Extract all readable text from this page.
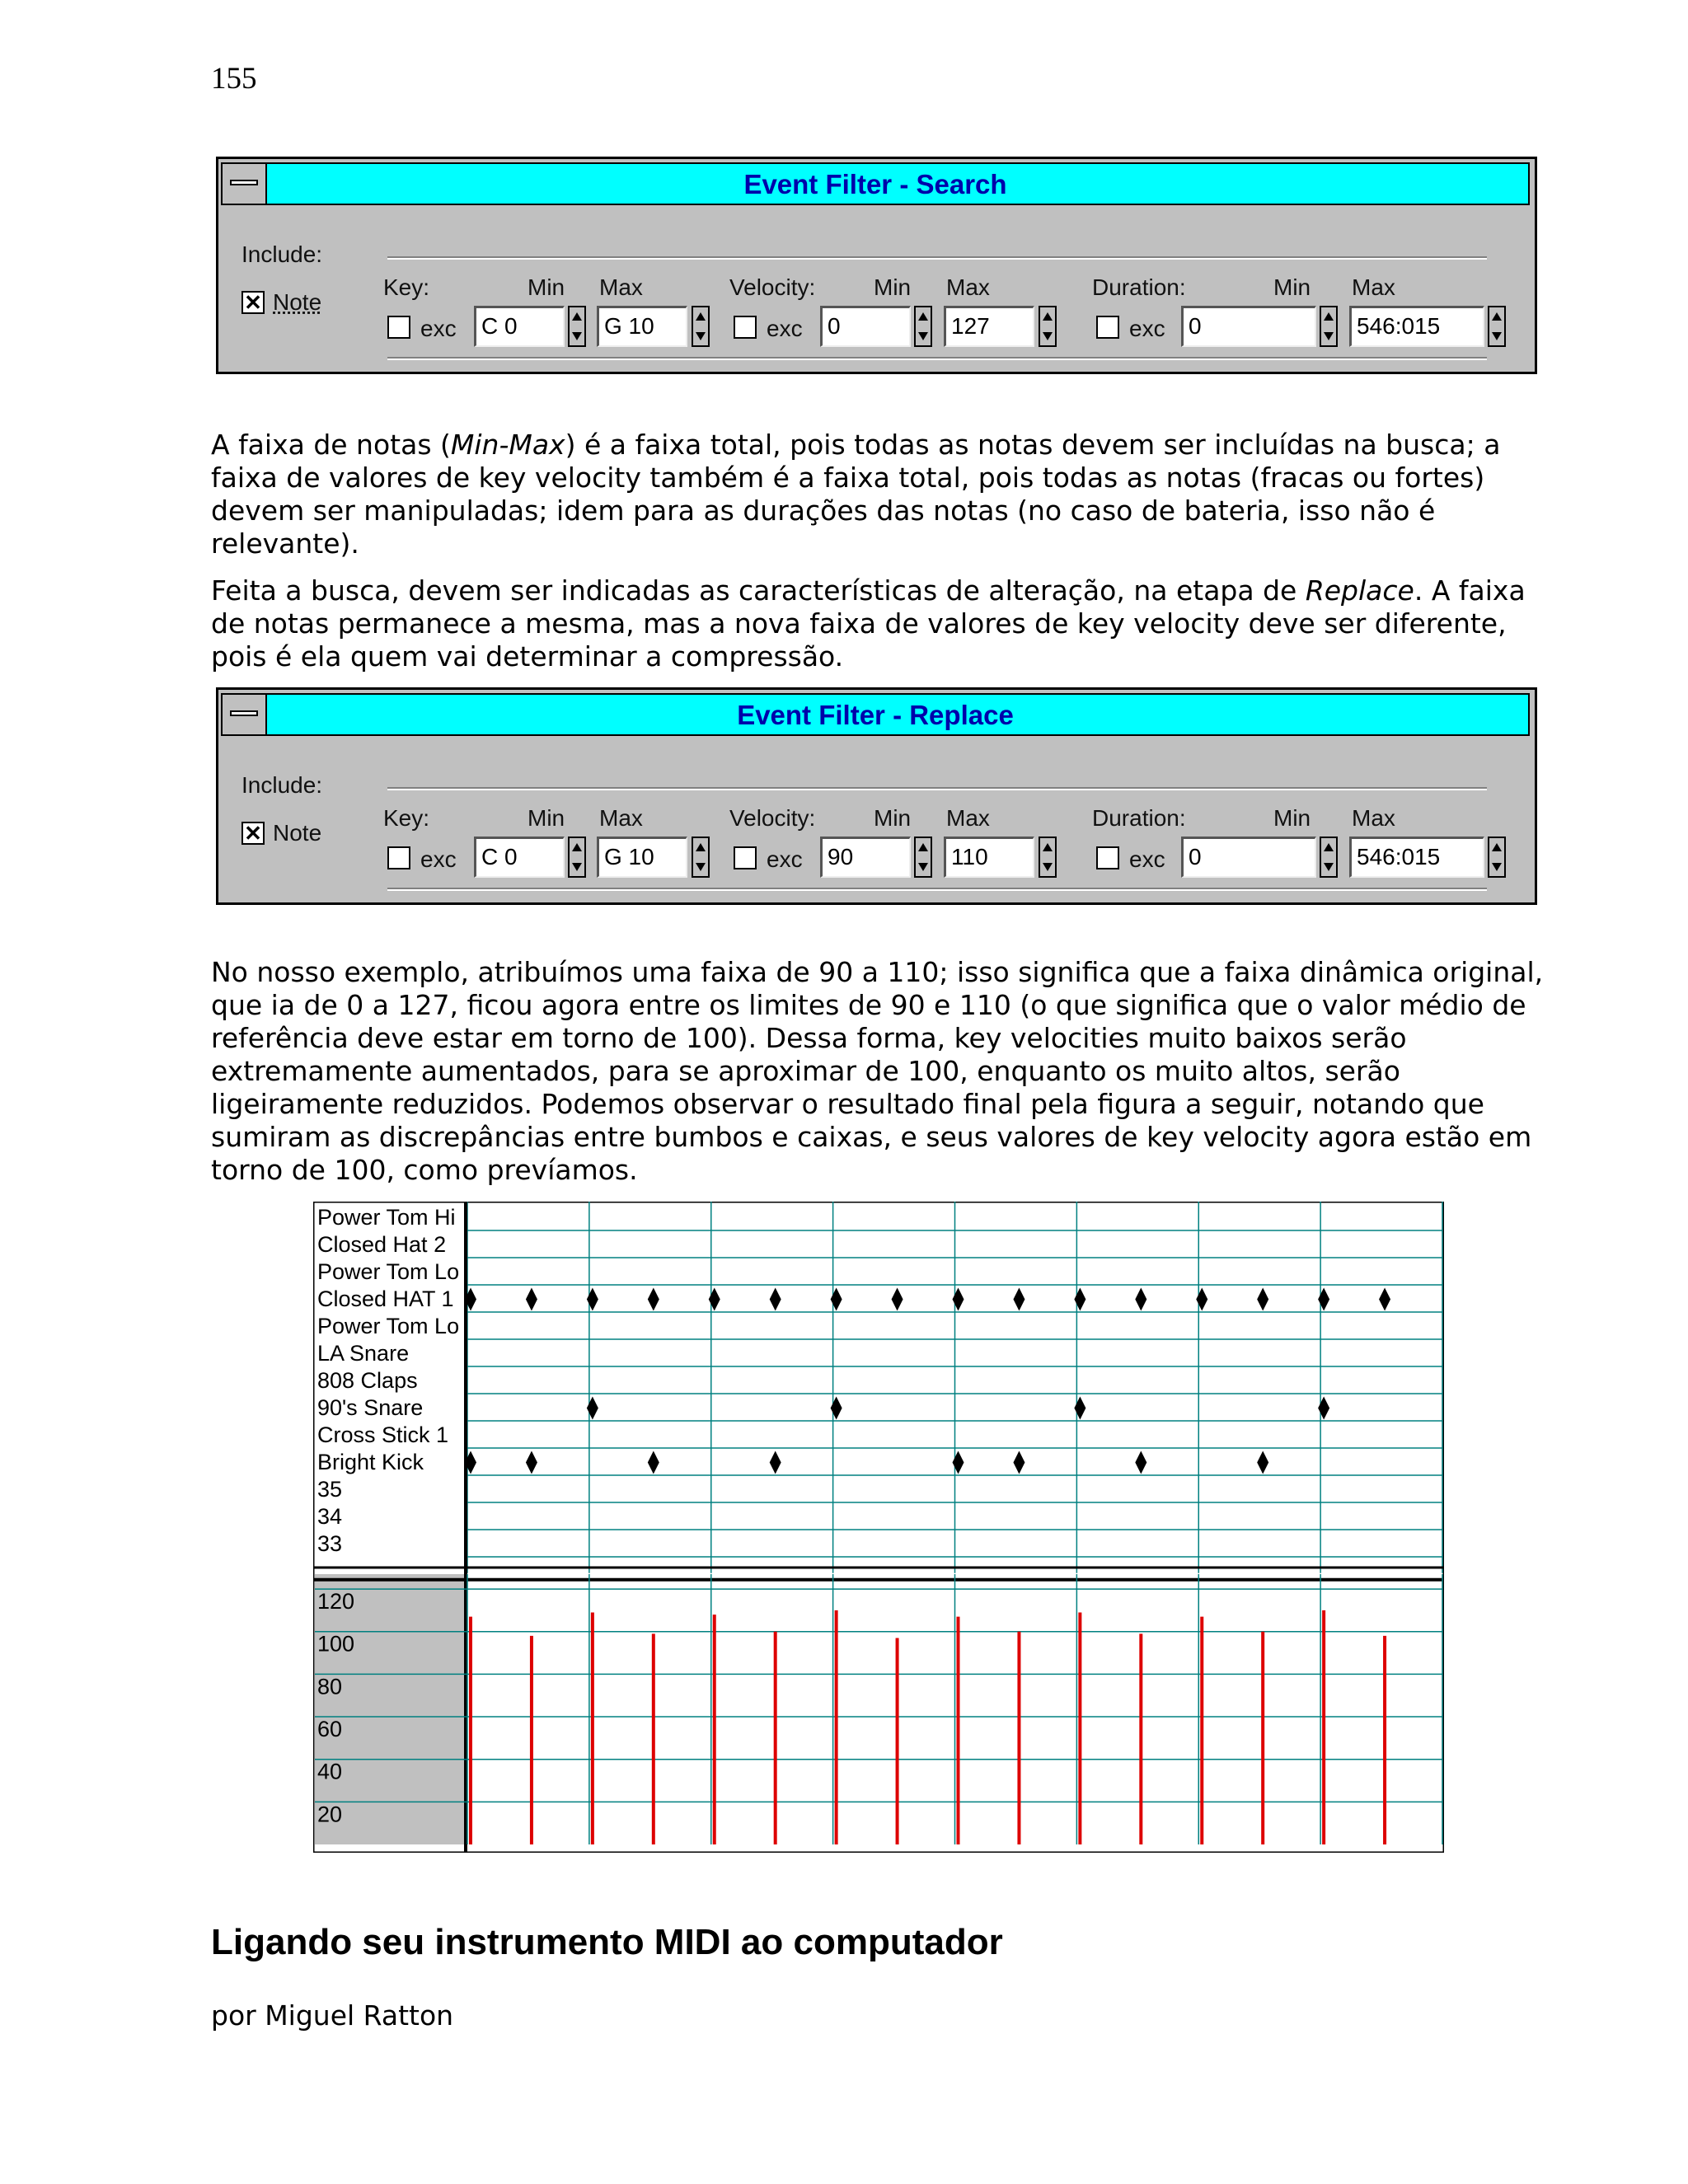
155
Event Filter - Search
Include:
✕ Note
Key:	Min Max
exc	C 0	G 10
Velocity:	Min Max
exc	0	127
Duration:	Min Max
exc	0	546:015

A faixa de notas (Min-Max) é a faixa total, pois todas as notas devem ser incluídas na busca; a faixa de valores de key velocity também é a faixa total, pois todas as notas (fracas ou fortes) devem ser manipuladas; idem para as durações das notas (no caso de bateria, isso não é relevante).

Feita a busca, devem ser indicadas as características de alteração, na etapa de Replace. A faixa de notas permanece a mesma, mas a nova faixa de valores de key velocity deve ser diferente, pois é ela quem vai determinar a compressão.

Event Filter - Replace
Include:
✕ Note
Key:	Min Max
exc	C 0	G 10
Velocity:	Min Max
exc	90	110
Duration:	Min Max
exc	0	546:015

No nosso exemplo, atribuímos uma faixa de 90 a 110; isso significa que a faixa dinâmica original, que ia de 0 a 127, ficou agora entre os limites de 90 e 110 (o que significa que o valor médio de referência deve estar em torno de 100). Dessa forma, key velocities muito baixos serão extremamente aumentados, para se aproximar de 100, enquanto os muito altos, serão ligeiramente reduzidos. Podemos observar o resultado final pela figura a seguir, notando que sumiram as discrepâncias entre bumbos e caixas, e seus valores de key velocity agora estão em torno de 100, como prevíamos.

Power Tom Hi
Closed Hat 2
Power Tom Lo
Closed HAT 1
Power Tom Lo
LA Snare
808 Claps
90's Snare
Cross Stick 1
Bright Kick
35
34
33
120
100
80
60
40
20
Ligando seu instrumento MIDI ao computador
por Miguel Ratton
